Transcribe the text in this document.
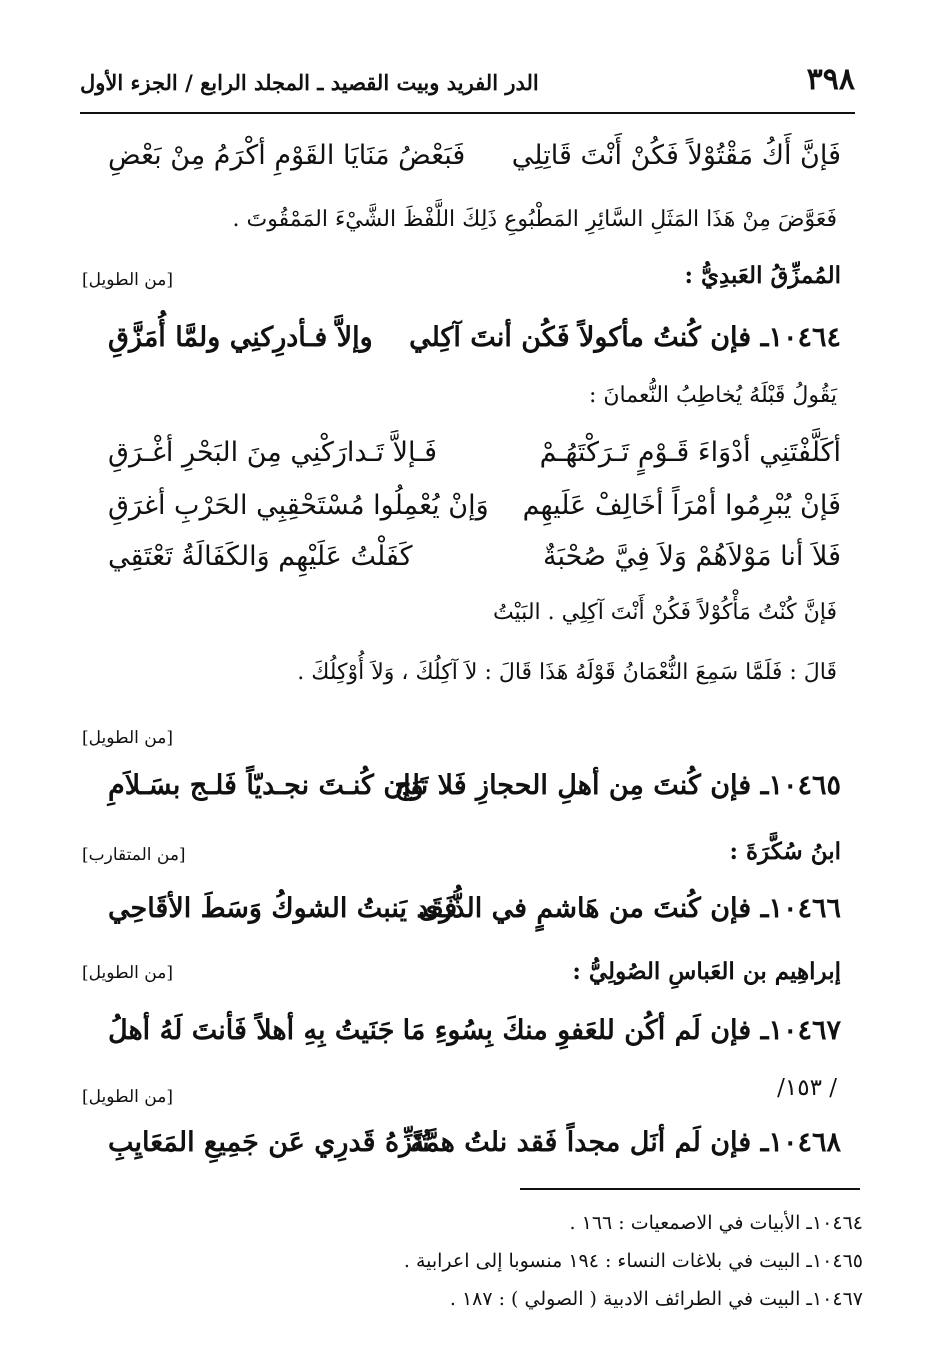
٣٩٨
الدر الفريد وبيت القصيد ـ المجلد الرابع / الجزء الأول
فَإنَّ أَكُ مَقْتُوْلاً فَكُنْ أَنْتَ قَاتِلِي
فَبَعْضُ مَنَايَا القَوْمِ أكْرَمُ مِنْ بَعْضِ
فَعَوَّضَ مِنْ هَذَا المَثَلِ السَّائِرِ المَطْبُوعِ ذَلِكَ اللَّفْظَ الشَّيْءَ المَمْقُوتَ .
المُمزِّقُ العَبدِيُّ :
[من الطويل]
١٠٤٦٤ـ فإن كُنتُ مأكولاً فَكُن أنتَ آكِلي
وإلاَّ فـأدرِكنِي ولمَّا أُمَزَّقِ
يَقُولُ قَبْلَهُ يُخاطِبُ النُّعمانَ :
أكَلَّفْتَنِي أدْوَاءَ قَـوْمٍ تَـرَكْتَهُـمْ
فَـإلاَّ تَـدارَكْنِي مِنَ البَحْرِ أغْـرَقِ
فَإنْ يُبْرِمُوا أمْرَاً أخَالِفْ عَلَيهِم
وَإنْ يُعْمِلُوا مُسْتَحْقِبِي الحَرْبِ أغرَقِ
فَلاَ أنا مَوْلاَهُمْ وَلاَ فِيَّ صُحْبَةٌ
كَفَلْتُ عَلَيْهِم وَالكَفَالَةُ تَعْتَقِي
فَإنَّ كُنْتُ مَأْكُوْلاً فَكُنْ أَنْتَ آكِلِي . البَيْتُ
قَالَ : فَلَمَّا سَمِعَ النُّعْمَانُ قَوْلَهُ هَذَا قَالَ : لاَ آكِلُكَ ، وَلاَ أُوْكِلُكَ .
[من الطويل]
١٠٤٦٥ـ فإن كُنتَ مِن أهلِ الحجازِ فَلا تَلِج
وَإن كُنـتَ نجـديّاً فَلـج بسَـلاَمِ
ابنُ سُكَّرَةَ :
[من المتقارب]
١٠٤٦٦ـ فإن كُنتَ من هَاشمٍ في الذُّرى
فَقَد يَنبتُ الشوكُ وَسَطَ الأقَاحِي
إبراهِيم بن العَباسِ الصُولِيُّ :
[من الطويل]
١٠٤٦٧ـ فإن لَم أكُن للعَفوِ منكَ بِسُوءِ مَا
جَنَيتُ بِهِ أهلاً فَأنتَ لَهُ أهلُ
/ ١٥٣/
[من الطويل]
١٠٤٦٨ـ فإن لَم أنَل مجداً فَقد نلتُ همَّةً
تُنَزِّهُ قَدرِي عَن جَمِيعِ المَعَايِبِ
١٠٤٦٤ـ الأبيات في الاصمعيات : ١٦٦ .
١٠٤٦٥ـ البيت في بلاغات النساء : ١٩٤ منسوبا إلى اعرابية .
١٠٤٦٧ـ البيت في الطرائف الادبية ( الصولي ) : ١٨٧ .
